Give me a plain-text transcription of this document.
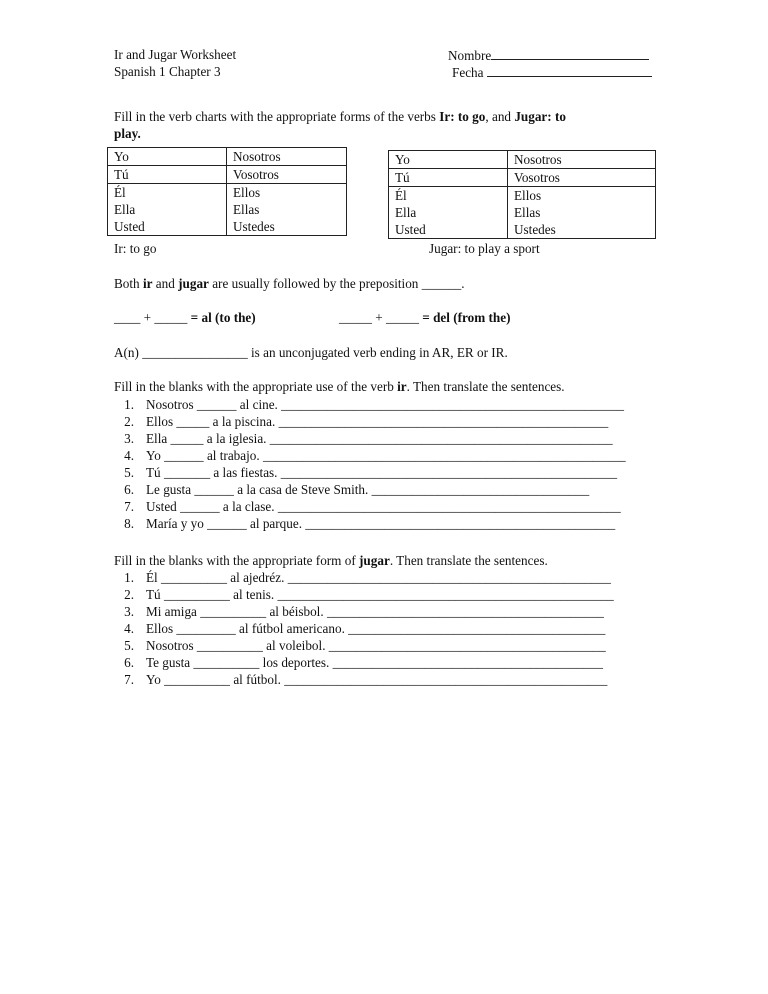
Ir and Jugar Worksheet
Spanish 1 Chapter 3
Nombre
Fecha
Fill in the verb charts with the appropriate forms of the verbs Ir: to go, and Jugar: to
play.
Yo	Nosotros
Tú	Vosotros
Él	Ellos
Ella	Ellas
Usted	Ustedes
Ir: to go
Yo	Nosotros
Tú	Vosotros
Él	Ellos
Ella	Ellas
Usted	Ustedes
Jugar: to play a sport
Both ir and jugar are usually followed by the preposition ______.
____ + _____ = al (to the)	_____ + _____ = del (from the)
A(n) ________________ is an unconjugated verb ending in AR, ER or IR.
Fill in the blanks with the appropriate use of the verb ir. Then translate the sentences.
1. Nosotros ______ al cine. ____________________________________________________
2. Ellos _____ a la piscina. __________________________________________________
3. Ella _____ a la iglesia. ____________________________________________________
4. Yo ______ al trabajo. _______________________________________________________
5. Tú _______ a las fiestas. ___________________________________________________
6. Le gusta ______ a la casa de Steve Smith. _________________________________
7. Usted ______ a la clase. ____________________________________________________
8. María y yo ______ al parque. _______________________________________________
Fill in the blanks with the appropriate form of jugar. Then translate the sentences.
1. Él __________ al ajedréz. _________________________________________________
2. Tú __________ al tenis. ___________________________________________________
3. Mi amiga __________ al béisbol. __________________________________________
4. Ellos _________ al fútbol americano. _______________________________________
5. Nosotros __________ al voleibol. __________________________________________
6. Te gusta __________ los deportes. _________________________________________
7. Yo __________ al fútbol. _________________________________________________
